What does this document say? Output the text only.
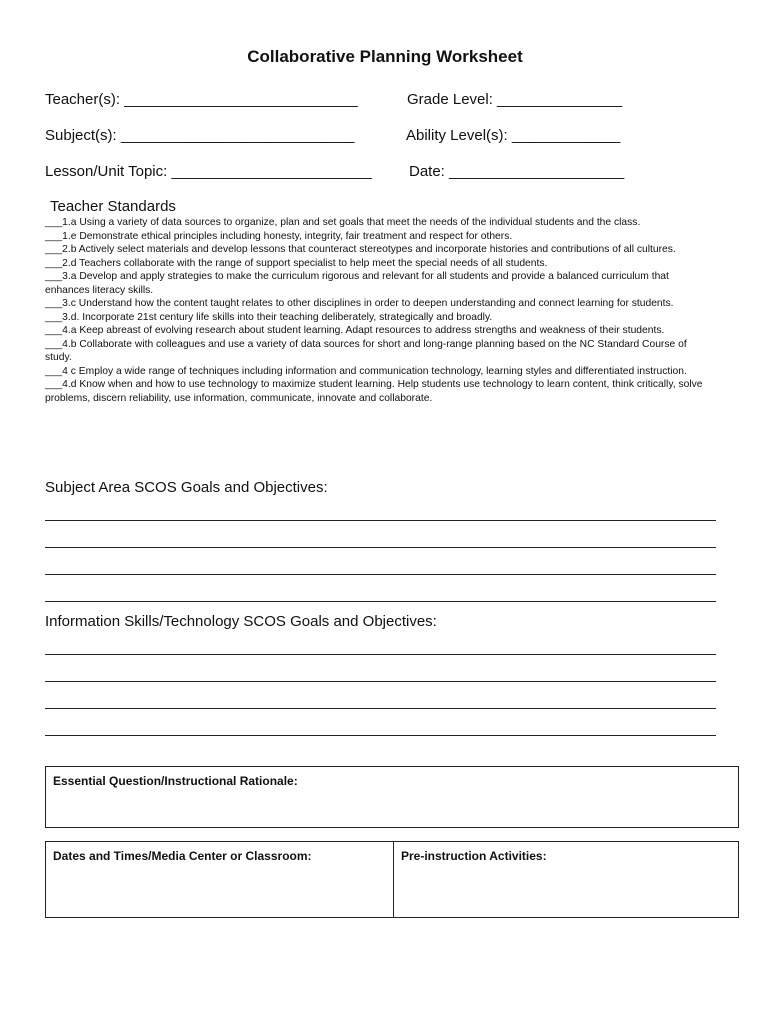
Collaborative Planning Worksheet
Teacher(s): ____________________________	Grade Level: _______________
Subject(s): ____________________________	Ability Level(s): _____________
Lesson/Unit Topic: ________________________ Date: _____________________
Teacher Standards

___1.a Using a variety of data sources to organize, plan and set goals that meet the needs of the individual students and the class.

___1.e Demonstrate ethical principles including honesty, integrity, fair treatment and respect for others.

___2.b Actively select materials and develop lessons that counteract stereotypes and incorporate histories and contributions of all cultures.

___2.d Teachers collaborate with the range of support specialist to help meet the special needs of all students.

___3.a Develop and apply strategies to make the curriculum rigorous and relevant for all students and provide a balanced curriculum that enhances literacy skills.

___3.c Understand how the content taught relates to other disciplines in order to deepen understanding and connect learning for students.

___3.d. Incorporate 21st century life skills into their teaching deliberately, strategically and broadly.

___4.a Keep abreast of evolving research about student learning. Adapt resources to address strengths and weakness of their students.

___4.b Collaborate with colleagues and use a variety of data sources for short and long-range planning based on the NC Standard Course of study.

___4 c Employ a wide range of techniques including information and communication technology, learning styles and differentiated instruction.

___4.d Know when and how to use technology to maximize student learning. Help students use technology to learn content, think critically, solve problems, discern reliability, use information, communicate, innovate and collaborate.

Subject Area SCOS Goals and Objectives:
Information Skills/Technology SCOS Goals and Objectives:
Essential Question/Instructional Rationale:
Dates and Times/Media Center or Classroom:	Pre-instruction Activities:
